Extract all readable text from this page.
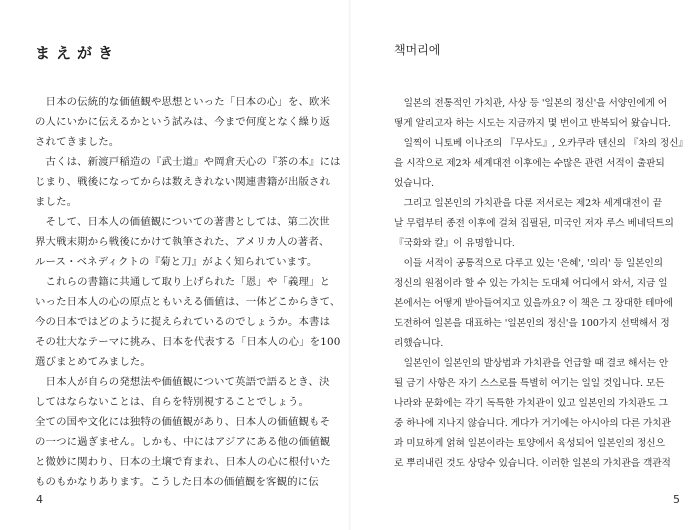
まえがき
　日本の伝統的な価値観や思想といった「日本の心」を、欧米
の人にいかに伝えるかという試みは、今まで何度となく繰り返
されてきました。
　古くは、新渡戸稲造の『武士道』や岡倉天心の『茶の本』には
じまり、戦後になってからは数えきれない関連書籍が出版され
ました。
　そして、日本人の価値観についての著書としては、第二次世
界大戦末期から戦後にかけて執筆された、アメリカ人の著者、
ルース・ベネディクトの『菊と刀』がよく知られています。
　これらの書籍に共通して取り上げられた「恩」や「義理」と
いった日本人の心の原点ともいえる価値は、一体どこからきて、
今の日本ではどのように捉えられているのでしょうか。本書は
その壮大なテーマに挑み、日本を代表する「日本人の心」を100
選びまとめてみました。
　日本人が自らの発想法や価値観について英語で語るとき、決
してはならないことは、自らを特別視することでしょう。
全ての国や文化には独特の価値観があり、日本人の価値観もそ
の一つに過ぎません。しかも、中にはアジアにある他の価値観
と微妙に関わり、日本の土壌で育まれ、日本人の心に根付いた
ものもかなりあります。こうした日本の価値観を客観的に伝
4
책머리에
　일본의 전통적인 가치관, 사상 등 '일본의 정신'을 서양인에게 어
떻게 알리고자 하는 시도는 지금까지 몇 번이고 반복되어 왔습니다.
　일찍이 니토베 이나조의 『무사도』, 오카쿠라 텐신의 『차의 정신』
을 시작으로 제2차 세계대전 이후에는 수많은 관련 서적이 출판되
었습니다.
　그리고 일본인의 가치관을 다룬 저서로는 제2차 세계대전이 끝
날 무렵부터 종전 이후에 걸쳐 집필된, 미국인 저자 루스 베네딕트의
『국화와 칼』이 유명합니다.
　이들 서적이 공통적으로 다루고 있는 '은혜', '의리' 등 일본인의
정신의 원점이라 할 수 있는 가치는 도대체 어디에서 와서, 지금 일
본에서는 어떻게 받아들여지고 있을까요? 이 책은 그 장대한 테마에
도전하여 일본을 대표하는 '일본인의 정신'을 100가지 선택해서 정
리했습니다.
　일본인이 일본인의 발상법과 가치관을 언급할 때 결코 해서는 안
될 금기 사항은 자기 스스로를 특별히 여기는 일일 것입니다. 모든
나라와 문화에는 각기 독특한 가치관이 있고 일본인의 가치관도 그
중 하나에 지나지 않습니다. 게다가 거기에는 아시아의 다른 가치관
과 미묘하게 얽혀 일본이라는 토양에서 육성되어 일본인의 정신으
로 뿌리내린 것도 상당수 있습니다. 이러한 일본의 가치관을 객관적
5
